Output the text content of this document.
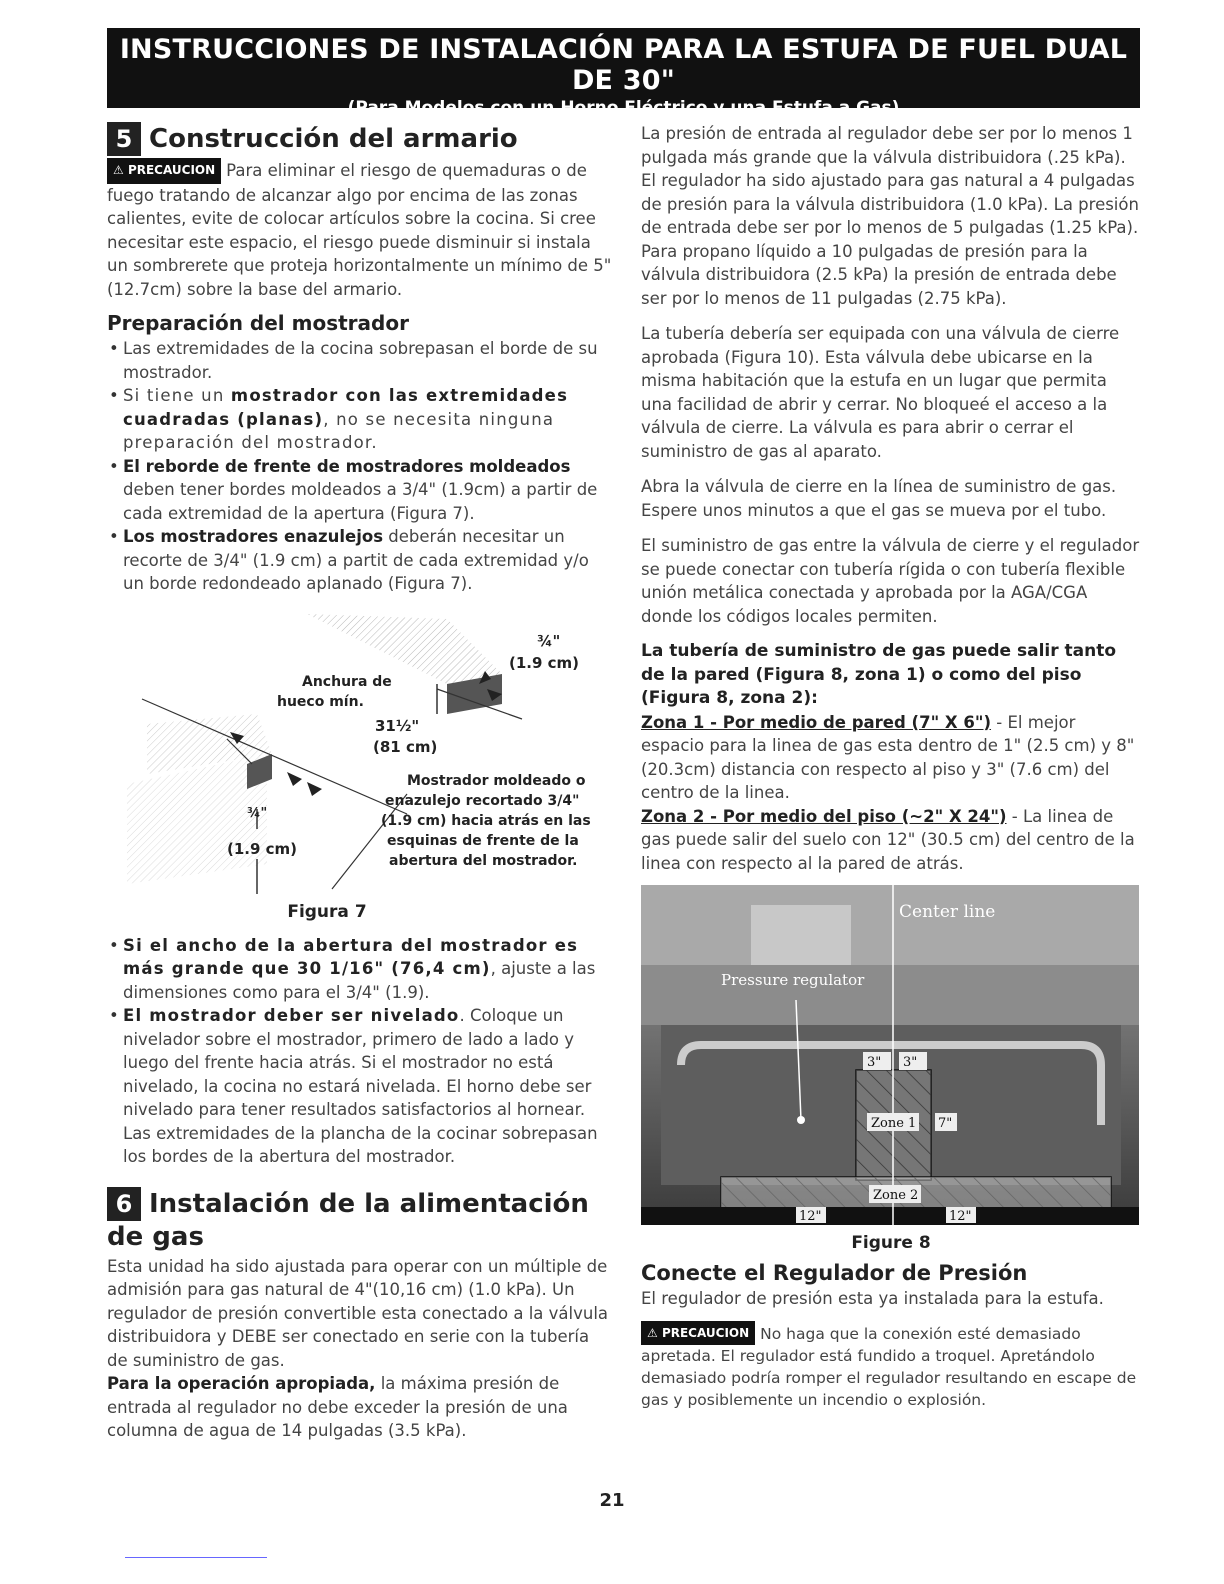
INSTRUCCIONES DE INSTALACIÓN PARA LA ESTUFA DE FUEL DUAL DE 30"
(Para Modelos con un Horno Eléctrico y una Estufa a Gas)
5 Construcción del armario

⚠ PRECAUCION Para eliminar el riesgo de quemaduras o de fuego tratando de alcanzar algo por encima de las zonas calientes, evite de colocar artículos sobre la cocina. Si cree necesitar este espacio, el riesgo puede disminuir si instala un sombrerete que proteja horizontalmente un mínimo de 5" (12.7cm) sobre la base del armario.

Preparación del mostrador
• Las extremidades de la cocina sobrepasan el borde de su mostrador.
• Si tiene un mostrador con las extremidades cuadradas (planas), no se necesita ninguna preparación del mostrador.
• El reborde de frente de mostradores moldeados deben tener bordes moldeados a 3/4" (1.9cm) a partir de cada extremidad de la apertura (Figura 7).
• Los mostradores enazulejos deberán necesitar un recorte de 3/4" (1.9 cm) a partit de cada extremidad y/o un borde redondeado aplanado (Figura 7).
Anchura de
hueco mín.
¾"
(1.9 cm)
31½"
(81 cm)
¾"
(1.9 cm)
Mostrador moldeado o
enazulejo recortado 3/4"
(1.9 cm) hacia atrás en las
esquinas de frente de la
abertura del mostrador.
Figura 7
• Si el ancho de la abertura del mostrador es más grande que 30 1/16" (76,4 cm), ajuste a las dimensiones como para el 3/4" (1.9).
• El mostrador deber ser nivelado. Coloque un nivelador sobre el mostrador, primero de lado a lado y luego del frente hacia atrás. Si el mostrador no está nivelado, la cocina no estará nivelada. El horno debe ser nivelado para tener resultados satisfactorios al hornear. Las extremidades de la plancha de la cocinar sobrepasan los bordes de la abertura del mostrador.
6 Instalación de la alimentación de gas

Esta unidad ha sido ajustada para operar con un múltiple de admisión para gas natural de 4"(10,16 cm) (1.0 kPa). Un regulador de presión convertible esta conectado a la válvula distribuidora y DEBE ser conectado en serie con la tubería de suministro de gas.

Para la operación apropiada, la máxima presión de entrada al regulador no debe exceder la presión de una columna de agua de 14 pulgadas (3.5 kPa).

La presión de entrada al regulador debe ser por lo menos 1 pulgada más grande que la válvula distribuidora (.25 kPa). El regulador ha sido ajustado para gas natural a 4 pulgadas de presión para la válvula distribuidora (1.0 kPa). La presión de entrada debe ser por lo menos de 5 pulgadas (1.25 kPa). Para propano líquido a 10 pulgadas de presión para la válvula distribuidora (2.5 kPa) la presión de entrada debe ser por lo menos de 11 pulgadas (2.75 kPa).

La tubería debería ser equipada con una válvula de cierre aprobada (Figura 10). Esta válvula debe ubicarse en la misma habitación que la estufa en un lugar que permita una facilidad de abrir y cerrar. No bloqueé el acceso a la válvula de cierre. La válvula es para abrir o cerrar el suministro de gas al aparato.

Abra la válvula de cierre en la línea de suministro de gas. Espere unos minutos a que el gas se mueva por el tubo.

El suministro de gas entre la válvula de cierre y el regulador se puede conectar con tubería rígida o con tubería flexible unión metálica conectada y aprobada por la AGA/CGA donde los códigos locales permiten.

La tubería de suministro de gas puede salir tanto de la pared (Figura 8, zona 1) o como del piso (Figura 8, zona 2):

Zona 1 - Por medio de pared (7" X 6") - El mejor espacio para la linea de gas esta dentro de 1" (2.5 cm) y 8" (20.3cm) distancia con respecto al piso y 3" (7.6 cm) del centro de la linea.

Zona 2 - Por medio del piso (~2" X 24") - La linea de gas puede salir del suelo con 12" (30.5 cm) del centro de la linea con respecto al la pared de atrás.

Center line
Pressure regulator
3" 3"
Zone 1 7"
Zone 2
12"	12"
Figure 8
Conecte el Regulador de Presión

El regulador de presión esta ya instalada para la estufa.

⚠ PRECAUCION No haga que la conexión esté demasiado apretada. El regulador está fundido a troquel. Apretándolo demasiado podría romper el regulador resultando en escape de gas y posiblemente un incendio o explosión.

21
